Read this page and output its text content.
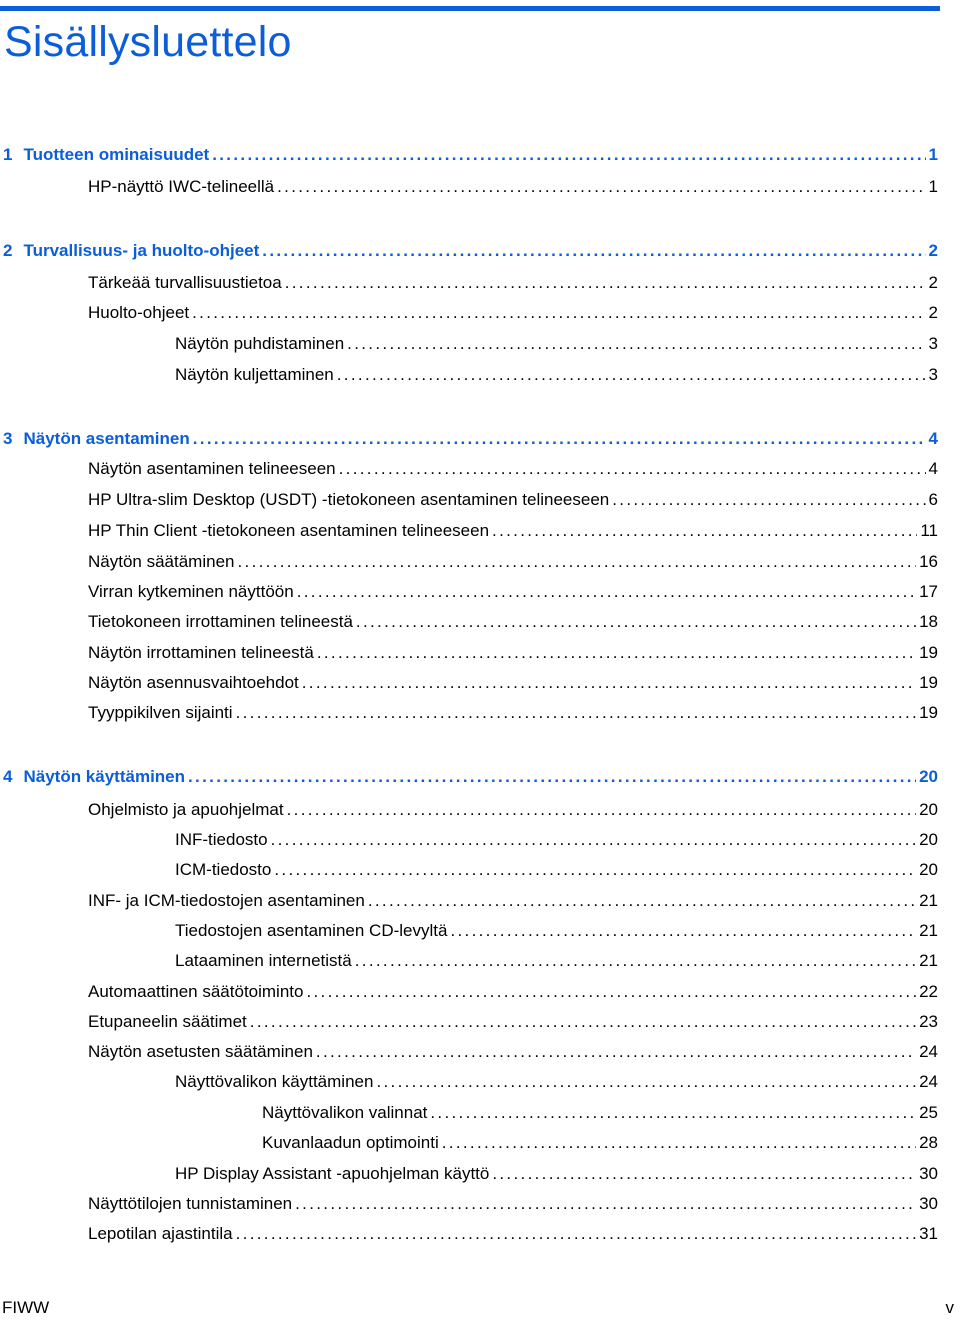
Sisällysluettelo
1 Tuotteen ominaisuudet . . .	1
HP-näyttö IWC-telineellä . . .	1
2 Turvallisuus- ja huolto-ohjeet . . .	2
Tärkeää turvallisuustietoa . . .	2
Huolto-ohjeet . . .	2
Näytön puhdistaminen . . .	3
Näytön kuljettaminen . . .	3
3 Näytön asentaminen . . .	4
Näytön asentaminen telineeseen . . .	4
HP Ultra-slim Desktop (USDT) -tietokoneen asentaminen telineeseen . . .	6
HP Thin Client -tietokoneen asentaminen telineeseen . . .	11
Näytön säätäminen . . .	16
Virran kytkeminen näyttöön . . .	17
Tietokoneen irrottaminen telineestä . . .	18
Näytön irrottaminen telineestä . . .	19
Näytön asennusvaihtoehdot . . .	19
Tyyppikilven sijainti . . .	19
4 Näytön käyttäminen . . .	20
Ohjelmisto ja apuohjelmat . . .	20
INF-tiedosto . . .	20
ICM-tiedosto . . .	20
INF- ja ICM-tiedostojen asentaminen . . .	21
Tiedostojen asentaminen CD-levyltä . . .	21
Lataaminen internetistä . . .	21
Automaattinen säätötoiminto . . .	22
Etupaneelin säätimet . . .	23
Näytön asetusten säätäminen . . .	24
Näyttövalikon käyttäminen . . .	24
Näyttövalikon valinnat . . .	25
Kuvanlaadun optimointi . . .	28
HP Display Assistant -apuohjelman käyttö . . .	30
Näyttötilojen tunnistaminen . . .	30
Lepotilan ajastintila . . .	31
FIWW	v
